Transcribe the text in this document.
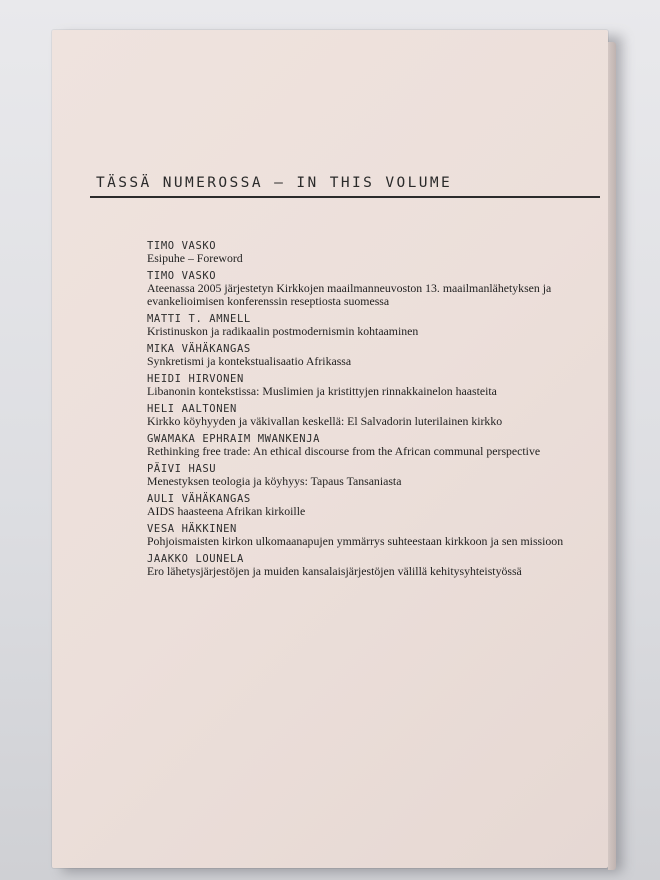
TÄSSÄ NUMEROSSA – IN THIS VOLUME
TIMO VASKO
Esipuhe – Foreword
TIMO VASKO
Ateenassa 2005 järjestetyn Kirkkojen maailmanneuvoston 13. maailmanlähetyksen ja evankelioimisen konferenssin reseptiosta suomessa
MATTI T. AMNELL
Kristinuskon ja radikaalin postmodernismin kohtaaminen
MIKA VÄHÄKANGAS
Synkretismi ja kontekstualisaatio Afrikassa
HEIDI HIRVONEN
Libanonin kontekstissa: Muslimien ja kristittyjen rinnakkainelon haasteita
HELI AALTONEN
Kirkko köyhyyden ja väkivallan keskellä: El Salvadorin luterilainen kirkko
GWAMAKA EPHRAIM MWANKENJA
Rethinking free trade: An ethical discourse from the African communal perspective
PÄIVI HASU
Menestyksen teologia ja köyhyys: Tapaus Tansaniasta
AULI VÄHÄKANGAS
AIDS haasteena Afrikan kirkoille
VESA HÄKKINEN
Pohjoismaisten kirkon ulkomaanapujen ymmärrys suhteestaan kirkkoon ja sen missioon
JAAKKO LOUNELA
Ero lähetysjärjestöjen ja muiden kansalaisjärjestöjen välillä kehitysyhteistyössä
